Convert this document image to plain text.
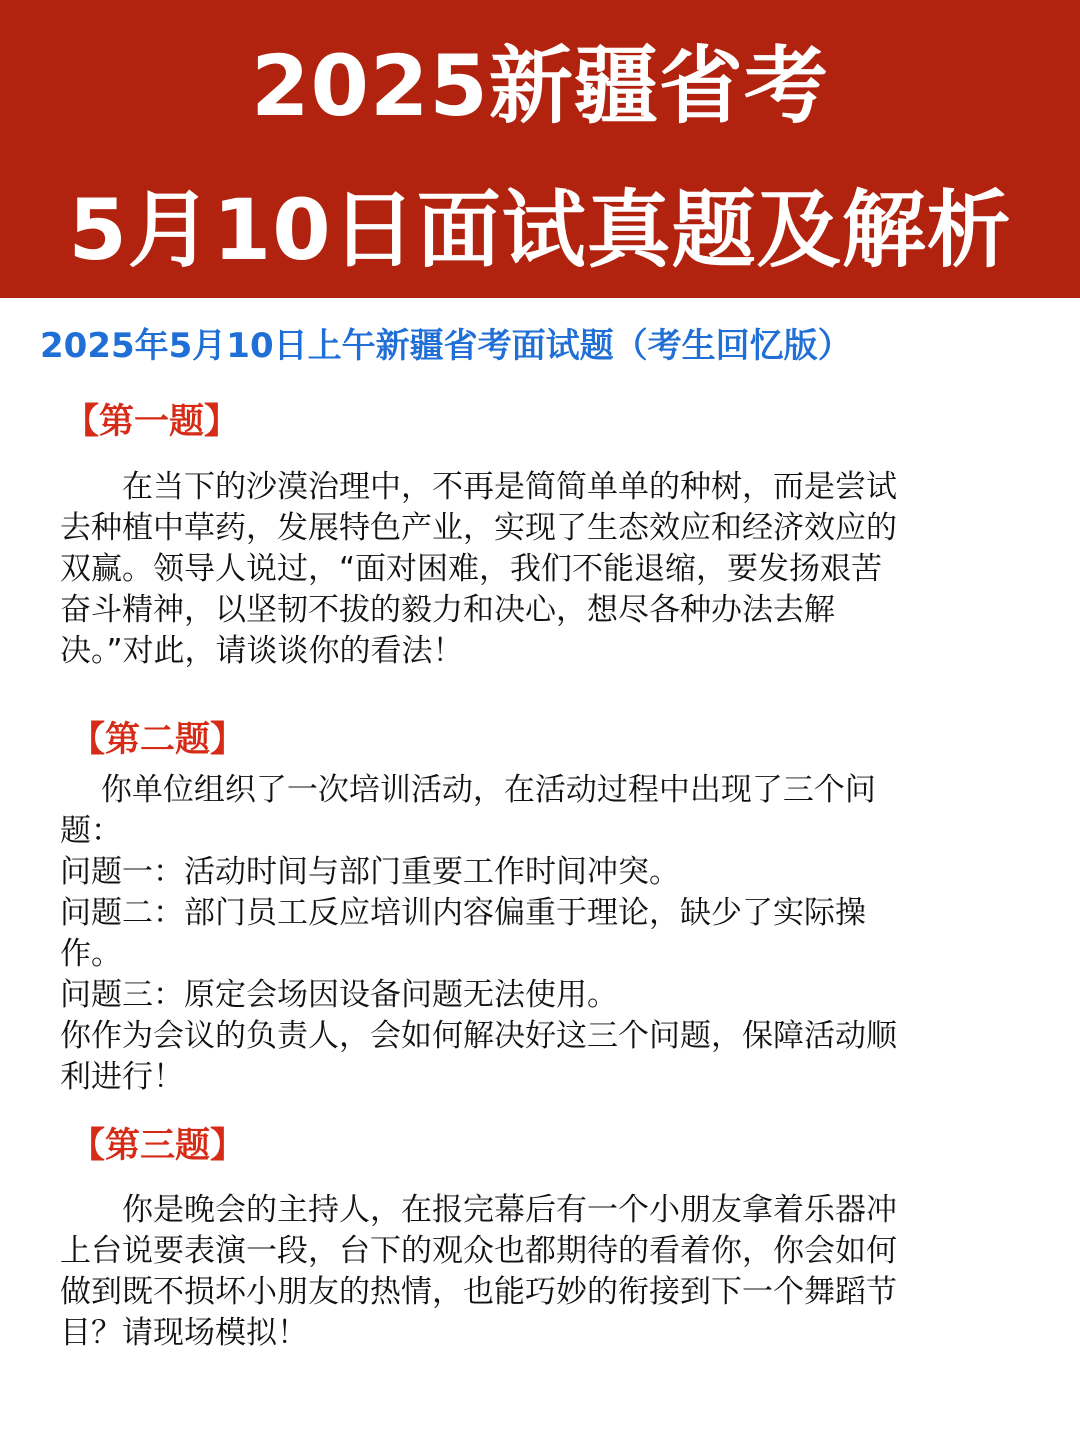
2025新疆省考
5月10日面试真题及解析
2025年5月10日上午新疆省考面试题（考生回忆版）
【第一题】

　　在当下的沙漠治理中，不再是简简单单的种树，而是尝试
去种植中草药，发展特色产业，实现了生态效应和经济效应的
双赢。领导人说过，“面对困难，我们不能退缩，要发扬艰苦
奋斗精神，以坚韧不拔的毅力和决心，想尽各种办法去解
决。”对此，请谈谈你的看法！

【第二题】

　 你单位组织了一次培训活动，在活动过程中出现了三个问
题：
问题一：活动时间与部门重要工作时间冲突。
问题二：部门员工反应培训内容偏重于理论，缺少了实际操
作。
问题三：原定会场因设备问题无法使用。
你作为会议的负责人，会如何解决好这三个问题，保障活动顺
利进行！

【第三题】

　　你是晚会的主持人，在报完幕后有一个小朋友拿着乐器冲
上台说要表演一段，台下的观众也都期待的看着你，你会如何
做到既不损坏小朋友的热情，也能巧妙的衔接到下一个舞蹈节
目？请现场模拟！
